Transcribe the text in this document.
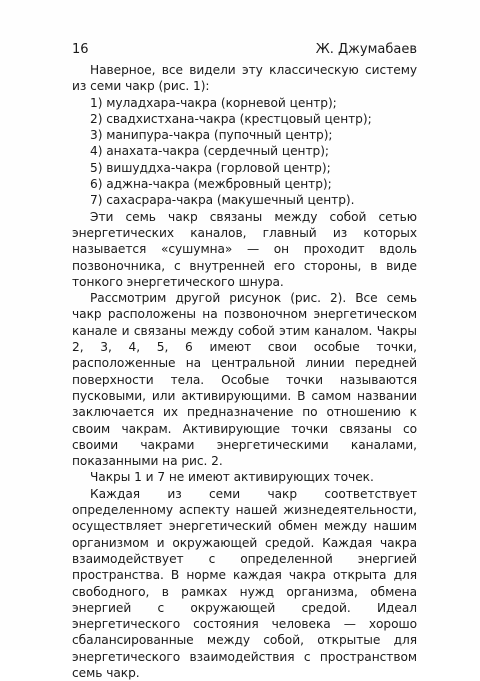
16	Ж. Джумабаев

Наверное, все видели эту классическую систему из семи чакр (рис. 1):

1) муладхара-чакра (корневой центр);
2) свадхистхана-чакра (крестцовый центр);
3) манипура-чакра (пупочный центр);
4) анахата-чакра (сердечный центр);
5) вишуддха-чакра (горловой центр);
6) аджна-чакра (межбровный центр);
7) сахасрара-чакра (макушечный центр).

Эти семь чакр связаны между собой сетью энергетических каналов, главный из которых называется «сушумна» — он проходит вдоль позвоночника, с внутренней его стороны, в виде тонкого энергетического шнура.

Рассмотрим другой рисунок (рис. 2). Все семь чакр расположены на позвоночном энергетическом канале и связаны между собой этим каналом. Чакры 2, 3, 4, 5, 6 имеют свои особые точки, расположенные на центральной линии передней поверхности тела. Особые точки называются пусковыми, или активирующими. В самом названии заключается их предназначение по отношению к своим чакрам. Активирующие точки связаны со своими чакрами энергетическими каналами, показанными на рис. 2.

Чакры 1 и 7 не имеют активирующих точек.

Каждая из семи чакр соответствует определенному аспекту нашей жизнедеятельности, осуществляет энергетический обмен между нашим организмом и окружающей средой. Каждая чакра взаимодействует с определенной энергией пространства. В норме каждая чакра открыта для свободного, в рамках нужд организма, обмена энергией с окружающей средой. Идеал энергетического состояния человека — хорошо сбалансированные между собой, открытые для энергетического взаимодействия с пространством семь чакр.
